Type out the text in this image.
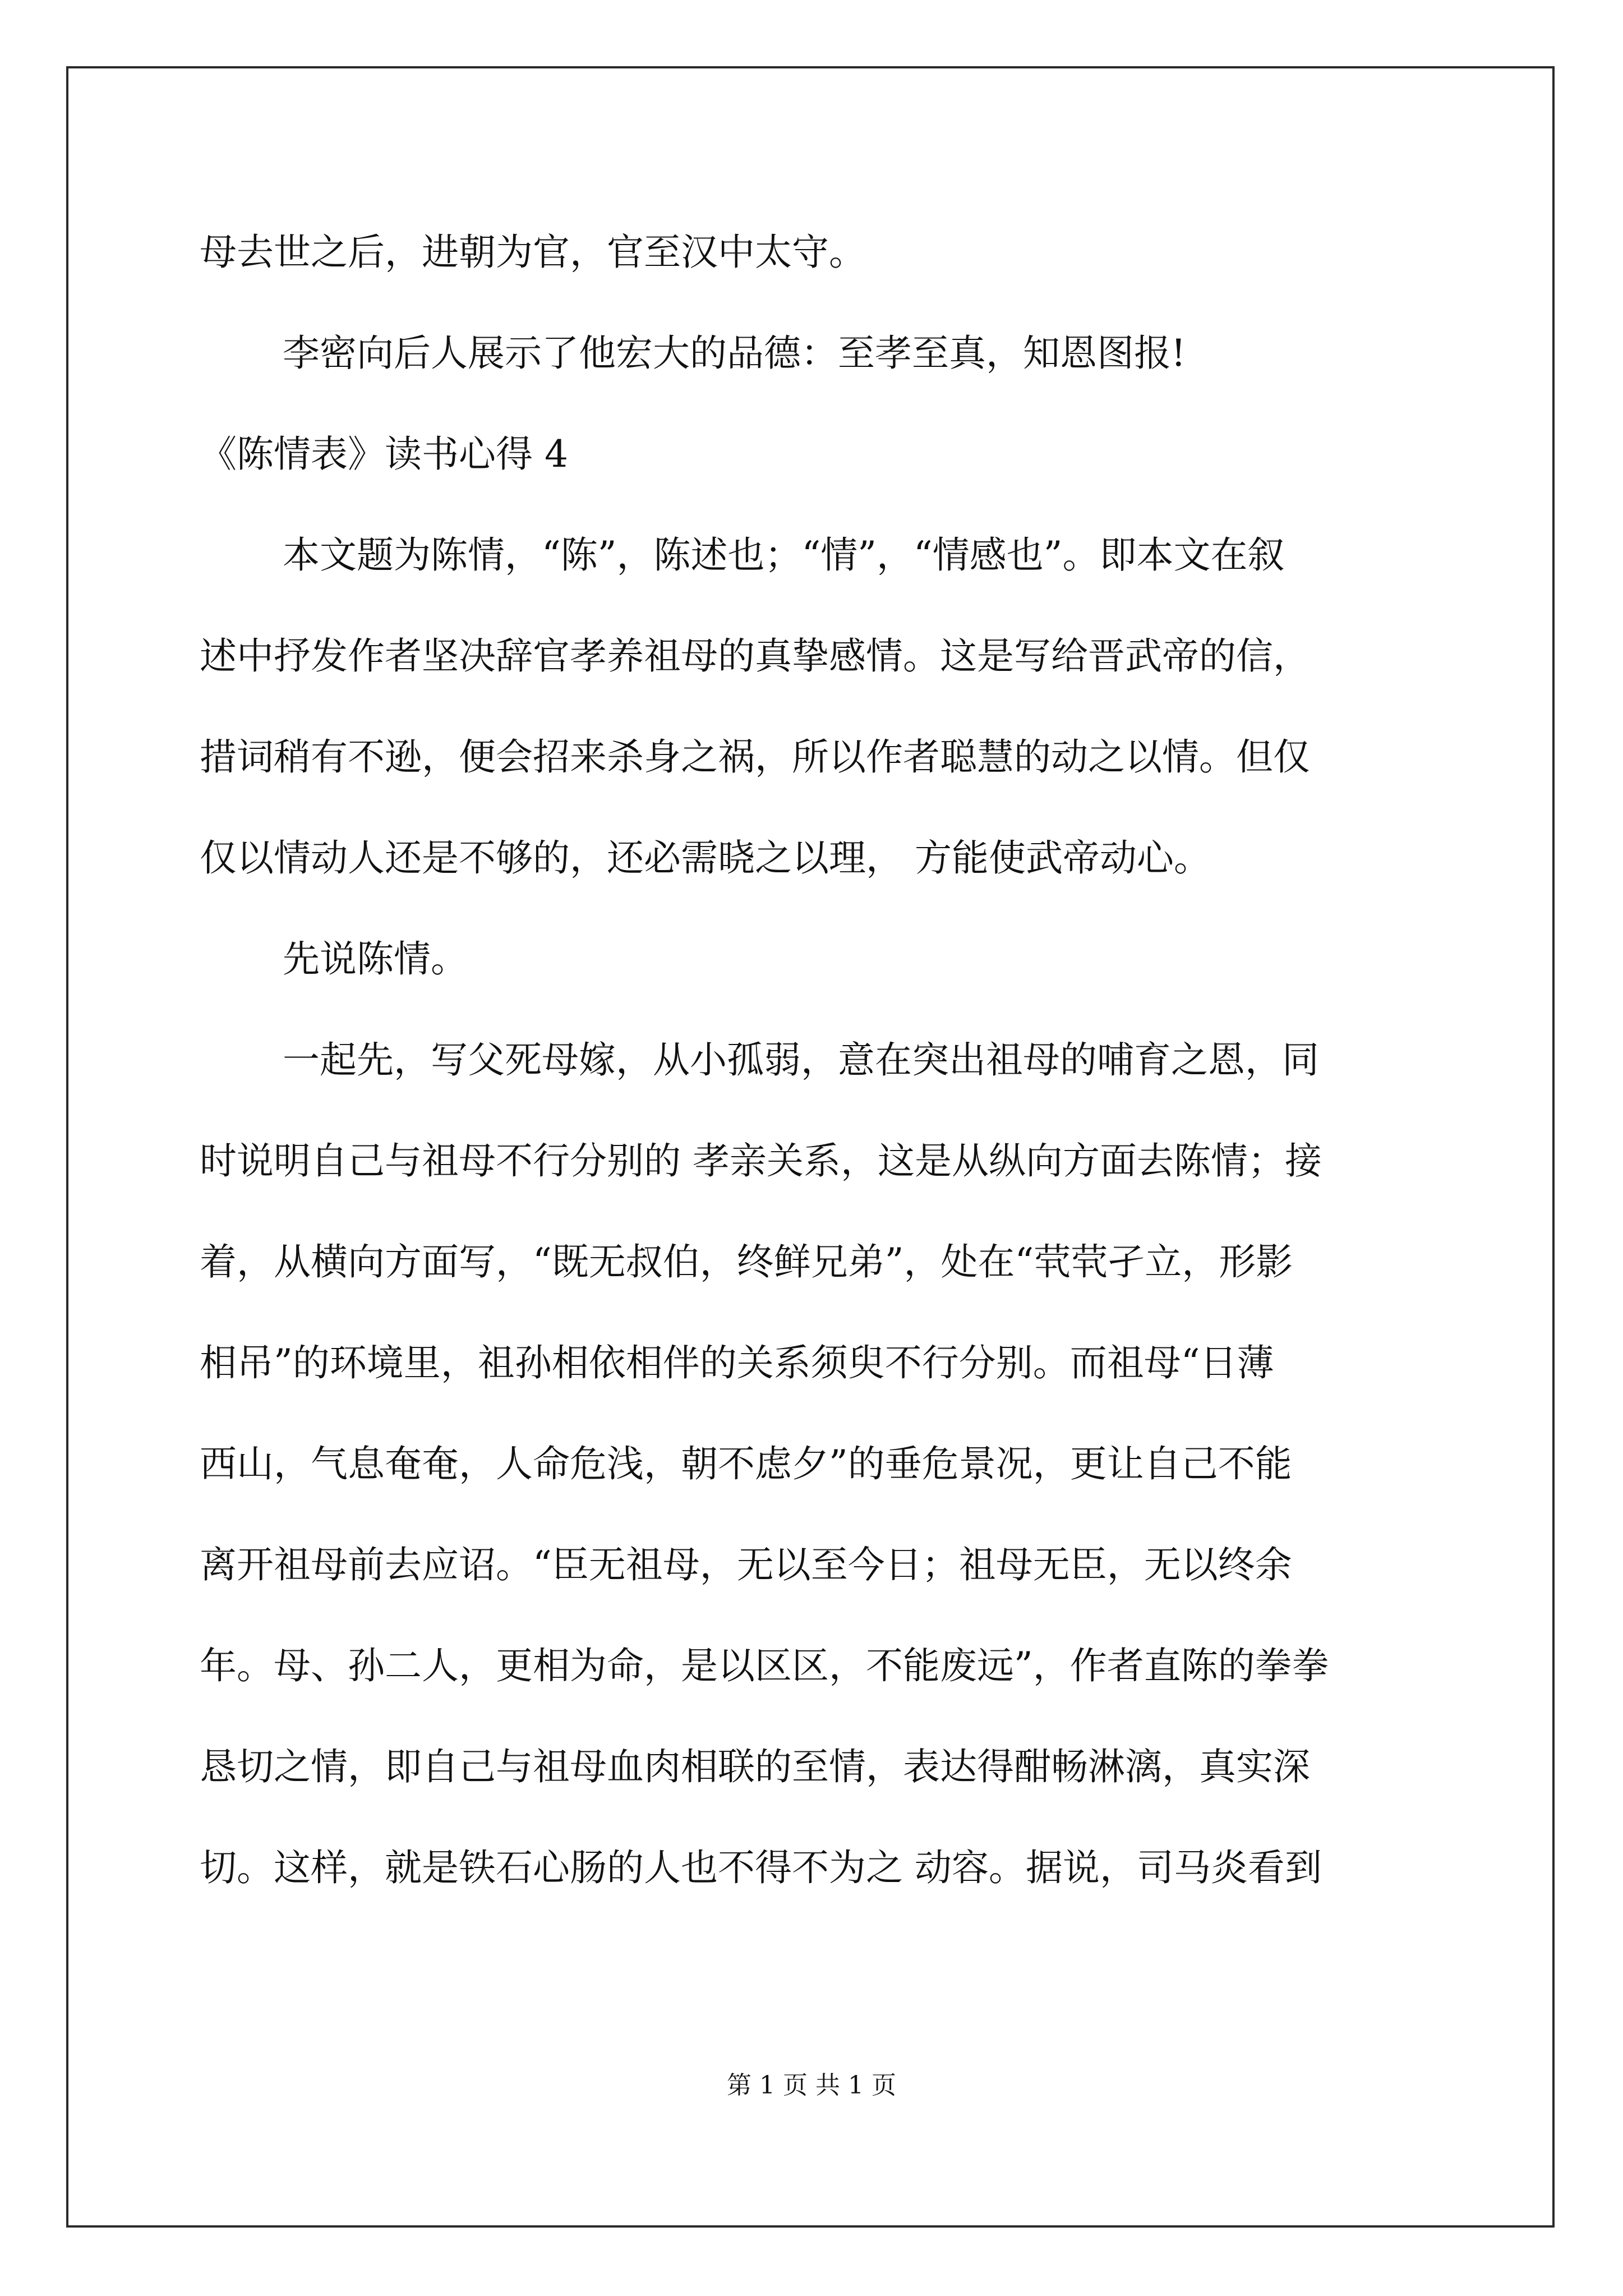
母去世之后，进朝为官，官至汉中太守。
李密向后人展示了他宏大的品德：至孝至真，知恩图报!
《陈情表》读书心得 4
本文题为陈情，“陈”，陈述也；“情”，“情感也”。即本文在叙
述中抒发作者坚决辞官孝养祖母的真挚感情。这是写给晋武帝的信，
措词稍有不逊，便会招来杀身之祸，所以作者聪慧的动之以情。但仅
仅以情动人还是不够的，还必需晓之以理， 方能使武帝动心。
先说陈情。
一起先，写父死母嫁，从小孤弱，意在突出祖母的哺育之恩，同
时说明自己与祖母不行分别的 孝亲关系，这是从纵向方面去陈情；接
着，从横向方面写，“既无叔伯，终鲜兄弟”，处在“茕茕孑立，形影
相吊”的环境里，祖孙相依相伴的关系须臾不行分别。而祖母“日薄
西山，气息奄奄，人命危浅，朝不虑夕”的垂危景况，更让自己不能
离开祖母前去应诏。“臣无祖母，无以至今日；祖母无臣，无以终余
年。母、孙二人，更相为命，是以区区，不能废远”，作者直陈的拳拳
恳切之情，即自己与祖母血肉相联的至情，表达得酣畅淋漓，真实深
切。这样，就是铁石心肠的人也不得不为之 动容。据说，司马炎看到
第 1 页 共 1 页
